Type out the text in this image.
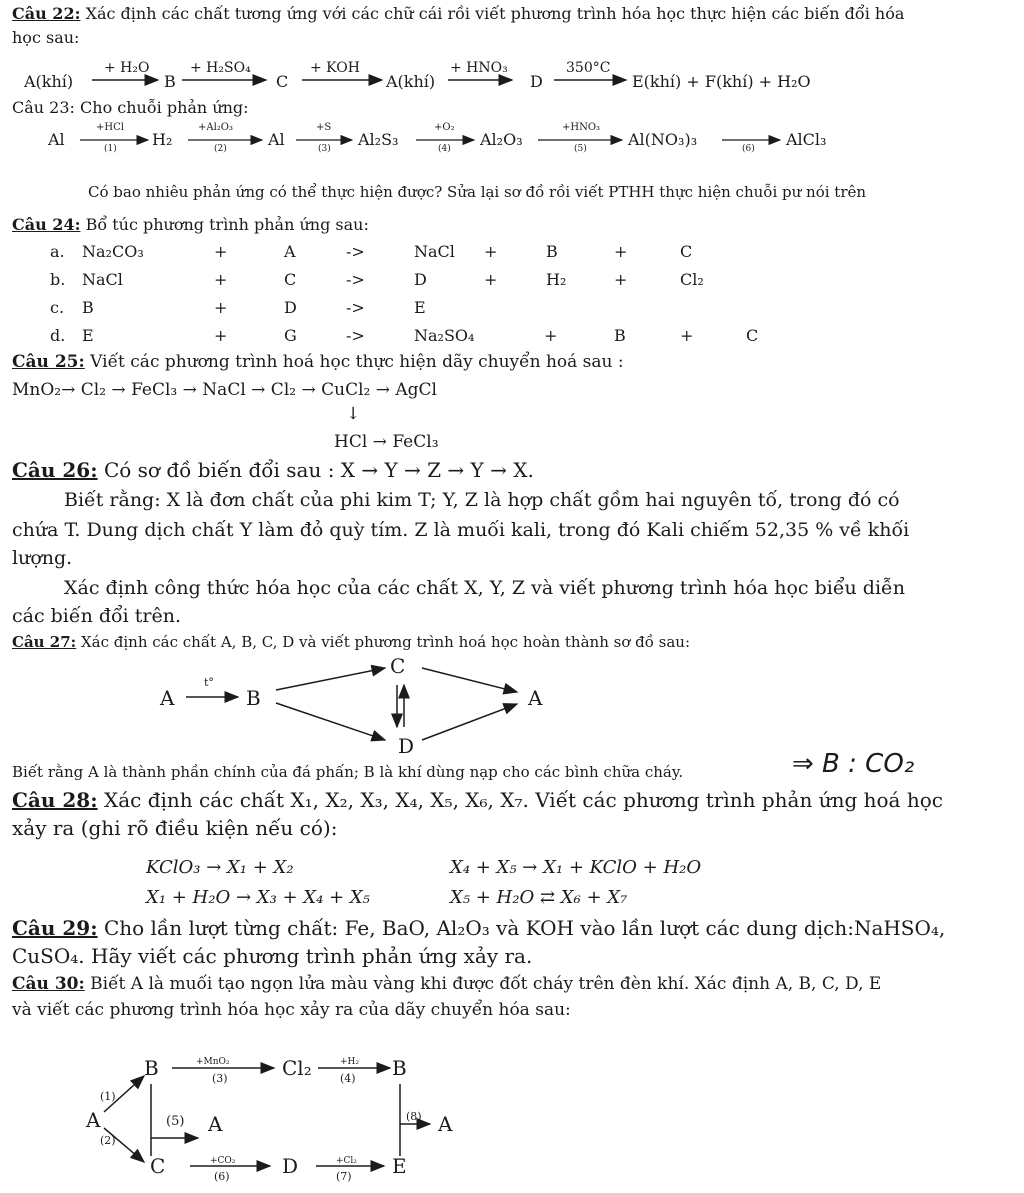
Câu 22: Xác định các chất tương ứng với các chữ cái rồi viết phương trình hóa học thực hiện các biến đổi hóa
học sau:
A(khí)
+ H₂O
B
+ H₂SO₄
C
+ KOH
A(khí)
+ HNO₃
D
350°C
E(khí) + F(khí) + H₂O
Câu 23: Cho chuỗi phản ứng:
Al
+HCl
(1) H₂
+Al₂O₃
(2)	Al
+S
(3) Al₂S₃
+O₂
(4) Al₂O₃
+HNO₃
(5)	Al(NO₃)₃	(6) AlCl₃
Có bao nhiêu phản ứng có thể thực hiện được? Sửa lại sơ đồ rồi viết PTHH thực hiện chuỗi pư nói trên
Câu 24: Bổ túc phương trình phản ứng sau:
a. Na₂CO₃	+	A	->	NaCl +	B	+	C
b. NaCl	+	C	->	D	+	H₂	+	Cl₂
c. B	+	D	->	E
d. E	+	G	->	Na₂SO₄	+	B	+	C
Câu 25: Viết các phương trình hoá học thực hiện dãy chuyển hoá sau :
MnO₂→ Cl₂ → FeCl₃ → NaCl → Cl₂ → CuCl₂ → AgCl
↓
HCl → FeCl₃
Câu 26: Có sơ đồ biến đổi sau : X → Y → Z → Y → X.
Biết rằng: X là đơn chất của phi kim T; Y, Z là hợp chất gồm hai nguyên tố, trong đó có
chứa T. Dung dịch chất Y làm đỏ quỳ tím. Z là muối kali, trong đó Kali chiếm 52,35 % về khối
lượng.
Xác định công thức hóa học của các chất X, Y, Z và viết phương trình hóa học biểu diễn
các biến đổi trên.
Câu 27: Xác định các chất A, B, C, D và viết phương trình hoá học hoàn thành sơ đồ sau:
A
t°
B
C
D
A
Biết rằng A là thành phần chính của đá phấn; B là khí dùng nạp cho các bình chữa cháy.	⇒ B : CO₂
Câu 28: Xác định các chất X₁, X₂, X₃, X₄, X₅, X₆, X₇. Viết các phương trình phản ứng hoá học
xảy ra (ghi rõ điều kiện nếu có):
KClO₃ → X₁ + X₂	X₄ + X₅ → X₁ + KClO + H₂O
X₁ + H₂O → X₃ + X₄ + X₅	X₅ + H₂O ⇄ X₆ + X₇
Câu 29: Cho lần lượt từng chất: Fe, BaO, Al₂O₃ và KOH vào lần lượt các dung dịch:NaHSO₄,
CuSO₄. Hãy viết các phương trình phản ứng xảy ra.
Câu 30: Biết A là muối tạo ngọn lửa màu vàng khi được đốt cháy trên đèn khí. Xác định A, B, C, D, E
và viết các phương trình hóa học xảy ra của dãy chuyển hóa sau:
B	Cl₂	B
A	A	A
C	D	E
+MnO₂	+H₂
+CO₂	+Cl₂
(1)
(2)
(3)	(4)
(5)
(6)	(7)
(8)
